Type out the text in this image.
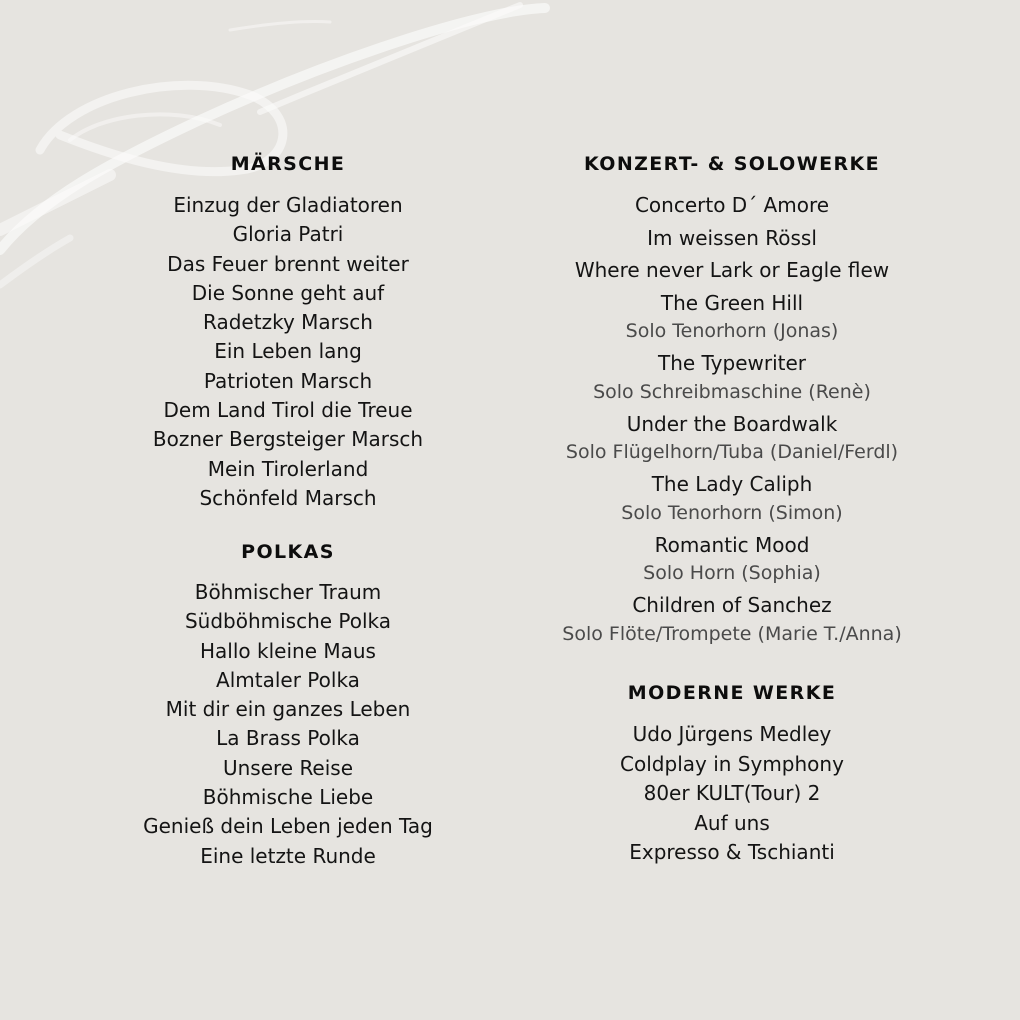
MÄRSCHE
Einzug der Gladiatoren
Gloria Patri
Das Feuer brennt weiter
Die Sonne geht auf
Radetzky Marsch
Ein Leben lang
Patrioten Marsch
Dem Land Tirol die Treue
Bozner Bergsteiger Marsch
Mein Tirolerland
Schönfeld Marsch
POLKAS
Böhmischer Traum
Südböhmische Polka
Hallo kleine Maus
Almtaler Polka
Mit dir ein ganzes Leben
La Brass Polka
Unsere Reise
Böhmische Liebe
Genieß dein Leben jeden Tag
Eine letzte Runde
KONZERT- & SOLOWERKE
Concerto D´ Amore
Im weissen Rössl
Where never Lark or Eagle flew
The Green Hill
Solo Tenorhorn (Jonas)
The Typewriter
Solo Schreibmaschine (Renè)
Under the Boardwalk
Solo Flügelhorn/Tuba (Daniel/Ferdl)
The Lady Caliph
Solo Tenorhorn (Simon)
Romantic Mood
Solo Horn (Sophia)
Children of Sanchez
Solo Flöte/Trompete (Marie T./Anna)
MODERNE WERKE
Udo Jürgens Medley
Coldplay in Symphony
80er KULT(Tour) 2
Auf uns
Expresso & Tschianti
